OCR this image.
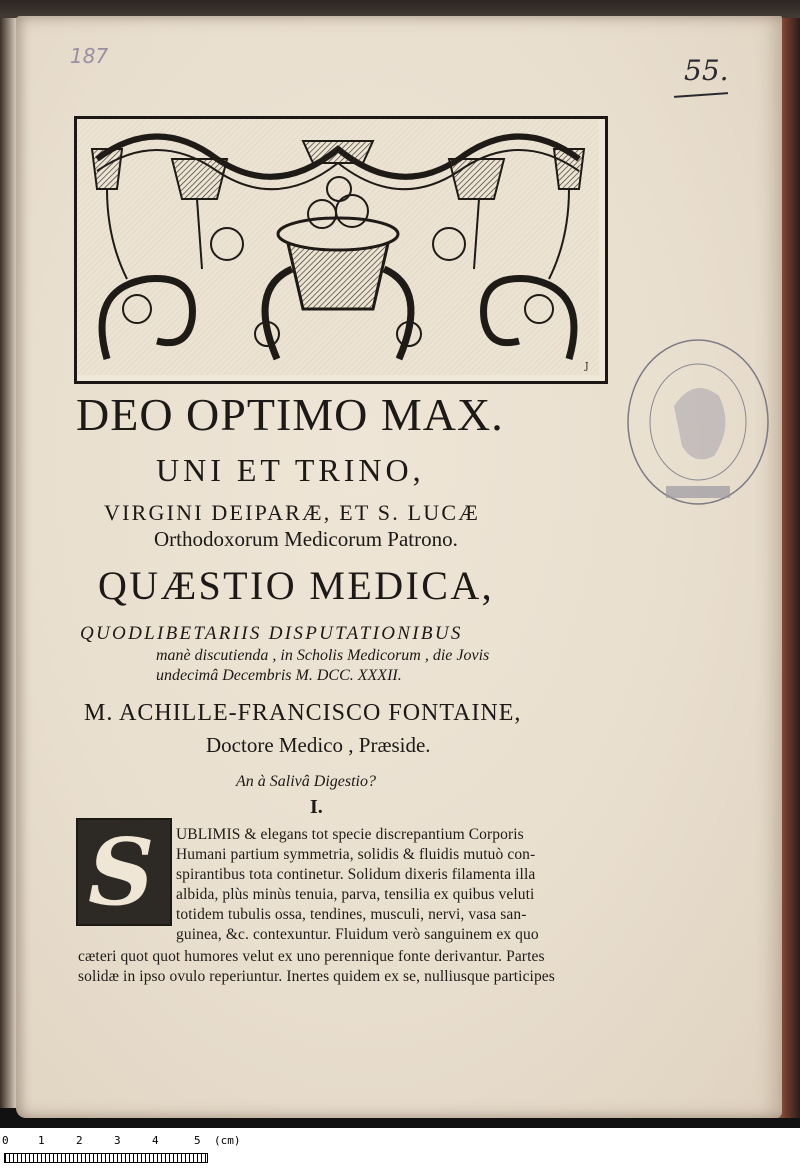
187	55.
J
DEO OPTIMO MAX.
UNI ET TRINO,
VIRGINI DEIPARÆ, ET S. LUCÆ
Orthodoxorum Medicorum Patrono.
QUÆSTIO MEDICA,
QUODLIBETARIIS DISPUTATIONIBUS
manè discutienda , in Scholis Medicorum , die Jovis
undecimâ Decembris M. DCC. XXXII.
M. ACHILLE-FRANCISCO FONTAINE,
Doctore Medico , Præside.
An à Salivâ Digestio?
I.
S UBLIMIS & elegans tot specie discrepantium Corporis
Humani partium symmetria, solidis & fluidis mutuò con-
spirantibus tota continetur. Solidum dixeris filamenta illa
albida, plùs minùs tenuia, parva, tensilia ex quibus veluti
totidem tubulis ossa, tendines, musculi, nervi, vasa san-
guinea, &c. contexuntur. Fluidum verò sanguinem ex quo
cæteri quot quot humores velut ex uno perennique fonte derivantur. Partes
solidæ in ipso ovulo reperiuntur. Inertes quidem ex se, nulliusque participes
0	1	2	3	4	5 (cm)
